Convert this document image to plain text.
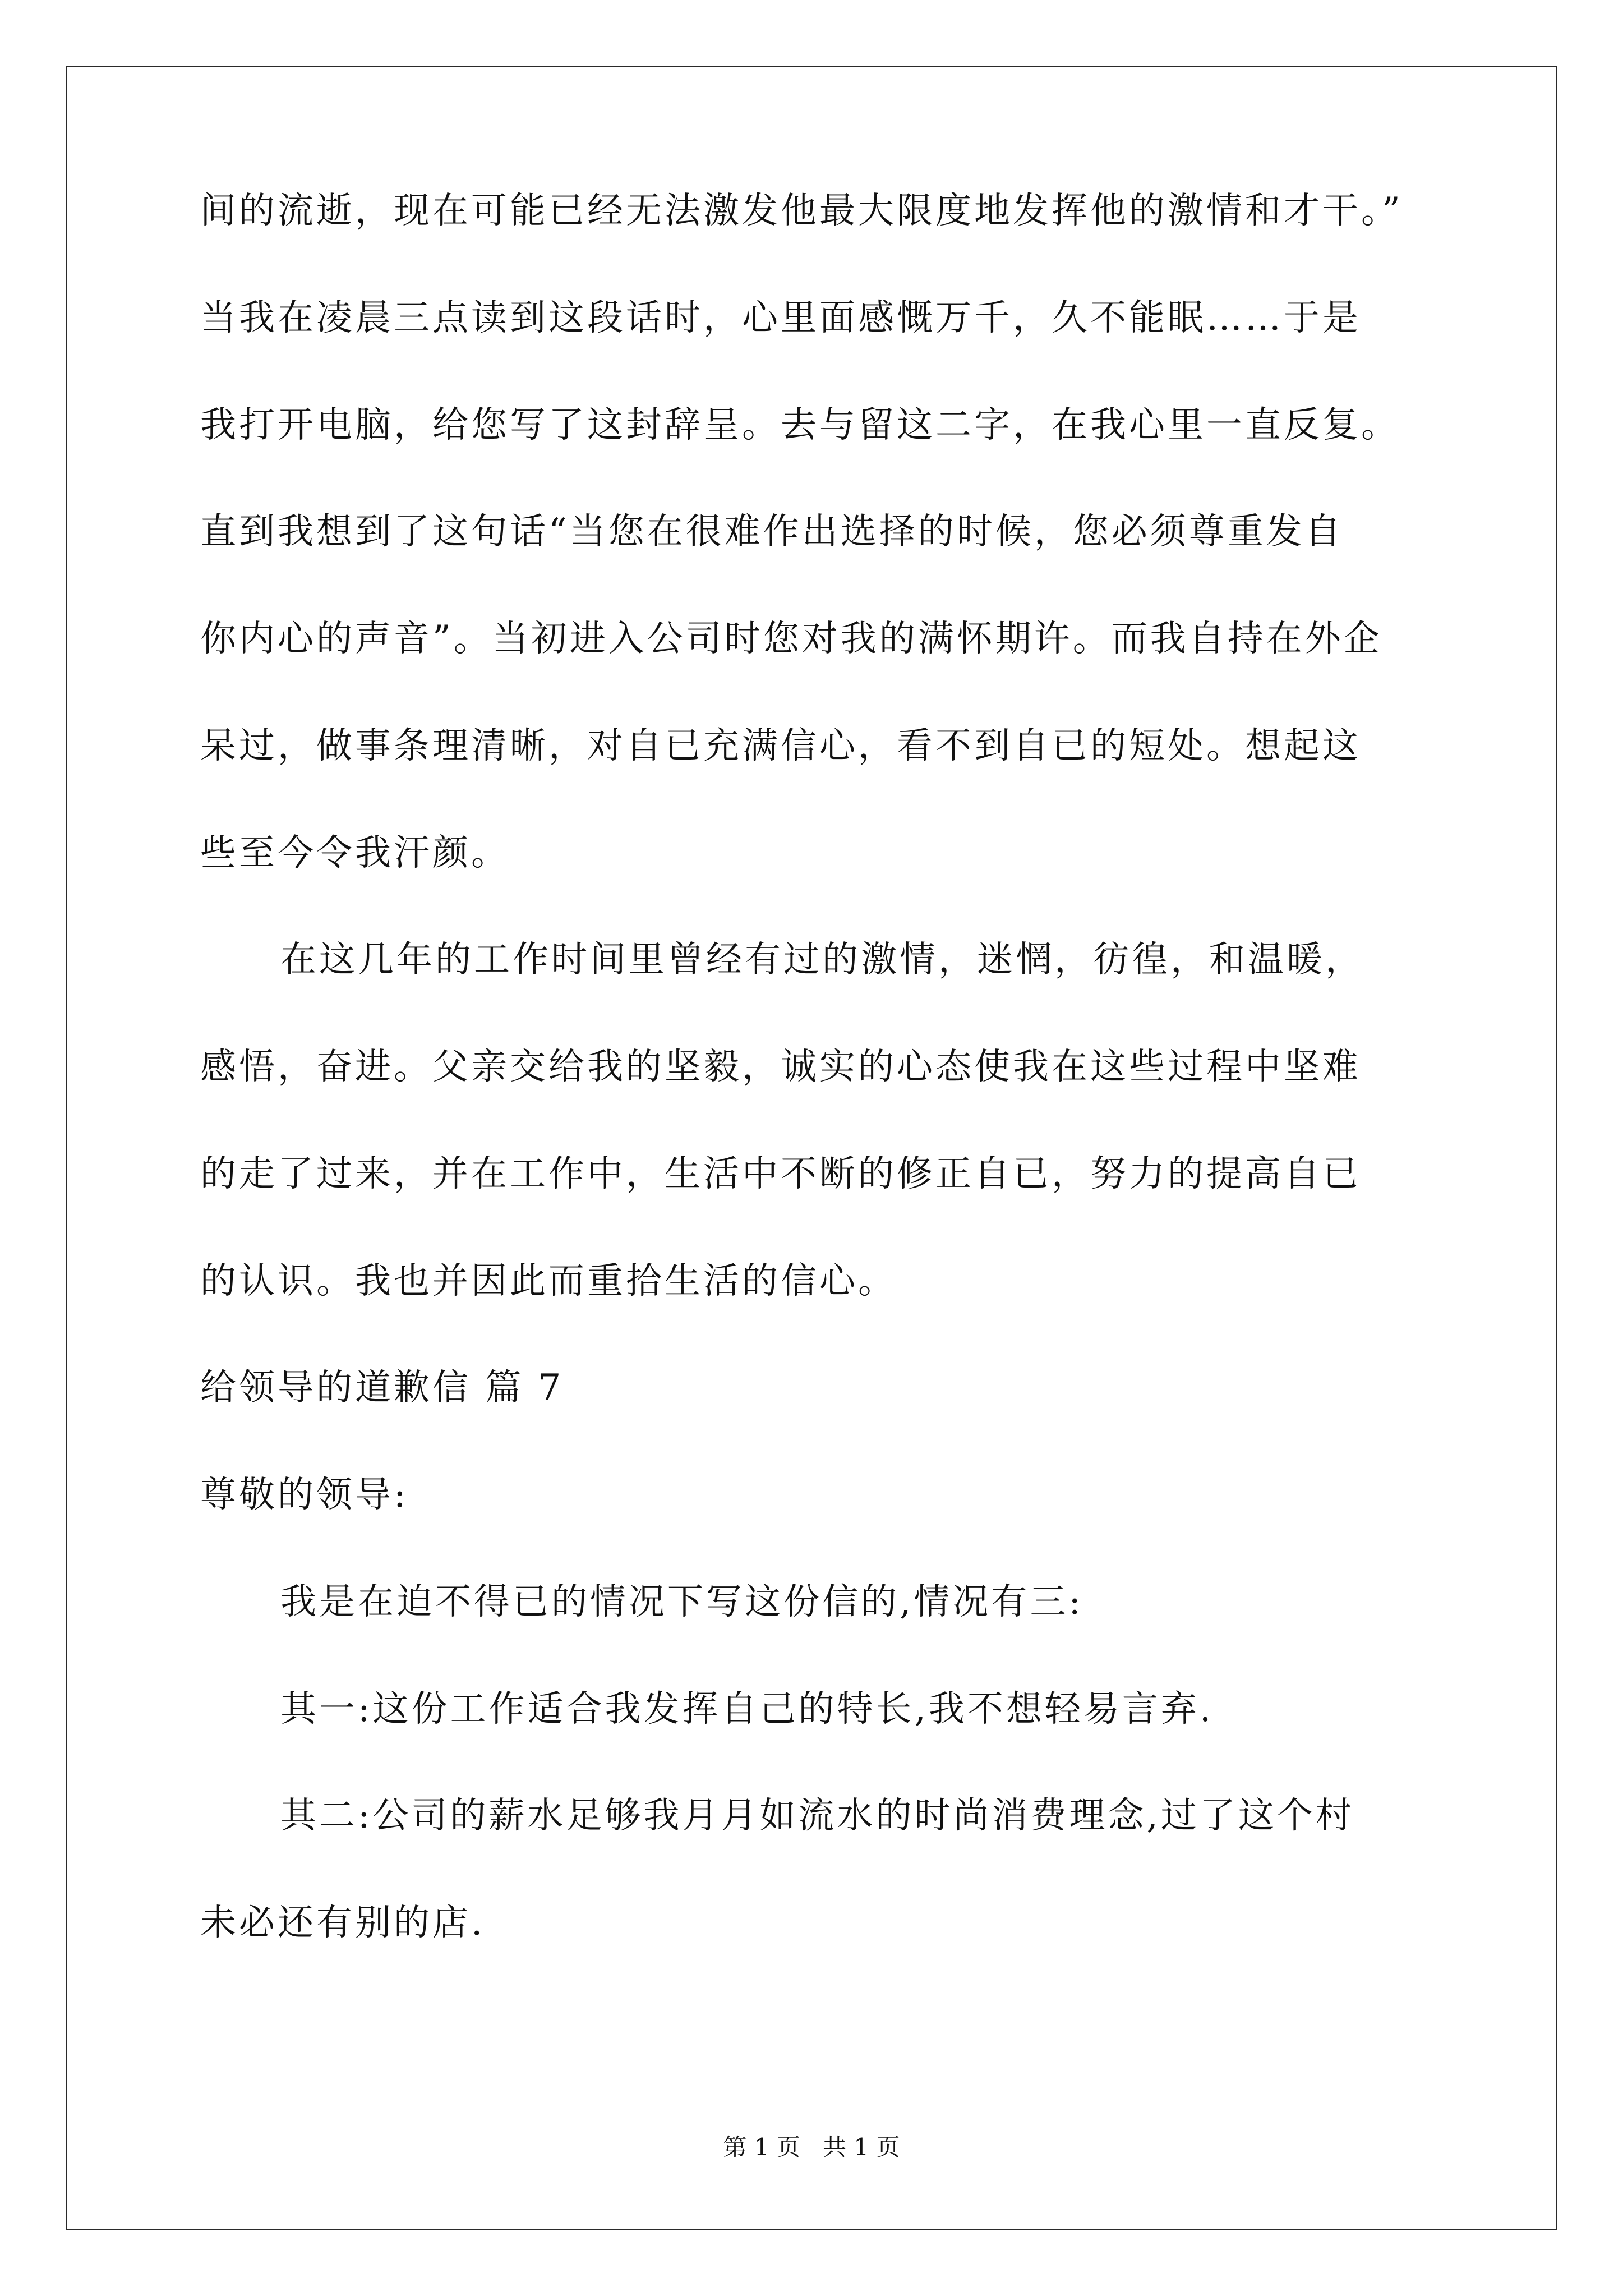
间的流逝，现在可能已经无法激发他最大限度地发挥他的激情和才干。”
当我在凌晨三点读到这段话时，心里面感慨万千，久不能眠……于是
我打开电脑，给您写了这封辞呈。去与留这二字，在我心里一直反复。
直到我想到了这句话“当您在很难作出选择的时候，您必须尊重发自
你内心的声音”。当初进入公司时您对我的满怀期许。而我自持在外企
呆过，做事条理清晰，对自已充满信心，看不到自已的短处。想起这
些至今令我汗颜。
在这几年的工作时间里曾经有过的激情，迷惘，彷徨，和温暖，
感悟，奋进。父亲交给我的坚毅，诚实的心态使我在这些过程中坚难
的走了过来，并在工作中，生活中不断的修正自已，努力的提高自已
的认识。我也并因此而重拾生活的信心。
给领导的道歉信 篇 7
尊敬的领导:
我是在迫不得已的情况下写这份信的,情况有三:
其一:这份工作适合我发挥自己的特长,我不想轻易言弃.
其二:公司的薪水足够我月月如流水的时尚消费理念,过了这个村
未必还有别的店.
第 1 页   共 1 页
